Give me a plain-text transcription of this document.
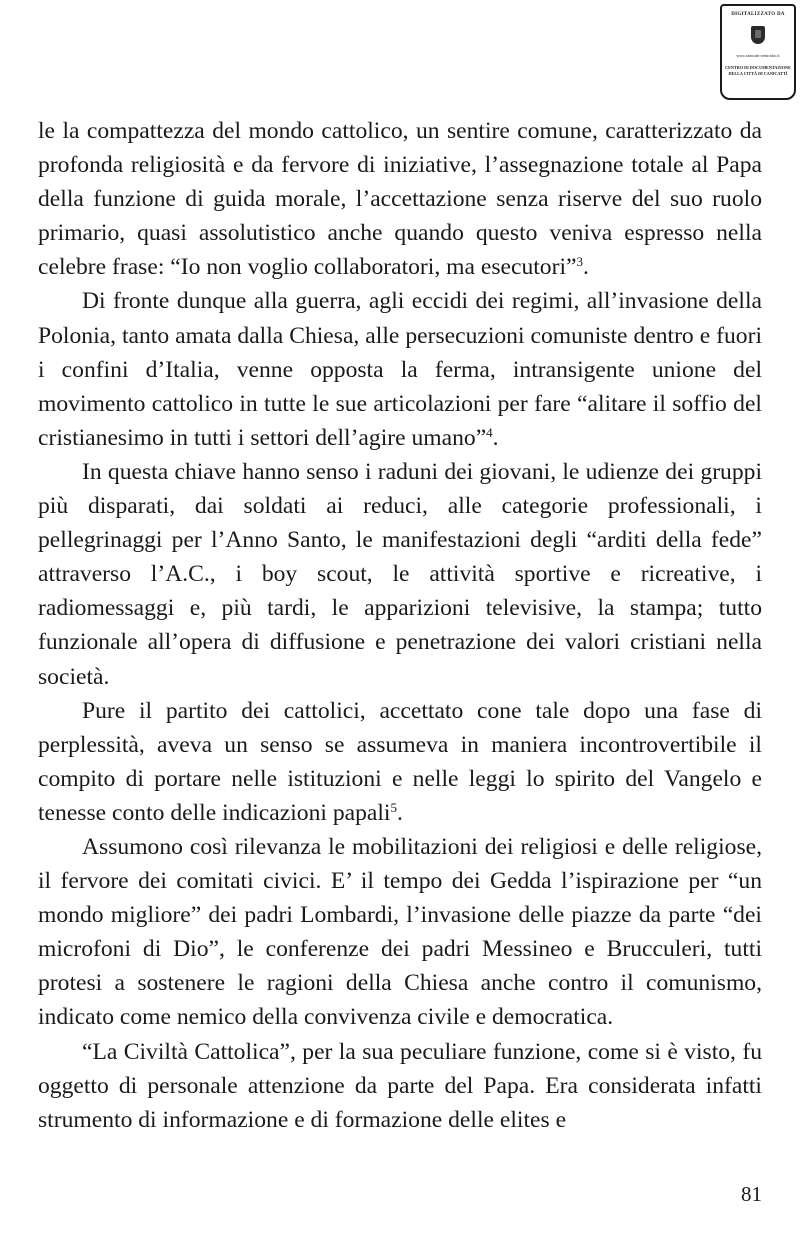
DIGITALIZZATO DA
www.canicatti-centrodoc.it
CENTRO DI DOCUMENTAZIONE
DELLA CITTÀ DI CANICATTÌ

le la compattezza del mondo cattolico, un sentire comune, caratterizzato da profonda religiosità e da fervore di iniziative, l’assegnazione totale al Papa della funzione di guida morale, l’accettazione senza riserve del suo ruolo primario, quasi assolutistico anche quando questo veniva espresso nella celebre frase: “Io non voglio collaboratori, ma esecutori”$^3$.

Di fronte dunque alla guerra, agli eccidi dei regimi, all’invasione della Polonia, tanto amata dalla Chiesa, alle persecuzioni comuniste dentro e fuori i confini d’Italia, venne opposta la ferma, intransigente unione del movimento cattolico in tutte le sue articolazioni per fare “alitare il soffio del cristianesimo in tutti i settori dell’agire umano”$^4$.

In questa chiave hanno senso i raduni dei giovani, le udienze dei gruppi più disparati, dai soldati ai reduci, alle categorie professionali, i pellegrinaggi per l’Anno Santo, le manifestazioni degli “arditi della fede” attraverso l’A.C., i boy scout, le attività sportive e ricreative, i radiomessaggi e, più tardi, le apparizioni televisive, la stampa; tutto funzionale all’opera di diffusione e penetrazione dei valori cristiani nella società.

Pure il partito dei cattolici, accettato cone tale dopo una fase di perplessità, aveva un senso se assumeva in maniera incontrovertibile il compito di portare nelle istituzioni e nelle leggi lo spirito del Vangelo e tenesse conto delle indicazioni papali$^5$.

Assumono così rilevanza le mobilitazioni dei religiosi e delle religiose, il fervore dei comitati civici. E’ il tempo dei Gedda l’ispirazione per “un mondo migliore” dei padri Lombardi, l’invasione delle piazze da parte “dei microfoni di Dio”, le conferenze dei padri Messineo e Brucculeri, tutti protesi a sostenere le ragioni della Chiesa anche contro il comunismo, indicato come nemico della convivenza civile e democratica.

“La Civiltà Cattolica”, per la sua peculiare funzione, come si è visto, fu oggetto di personale attenzione da parte del Papa. Era considerata infatti strumento di informazione e di formazione delle elites e

81
